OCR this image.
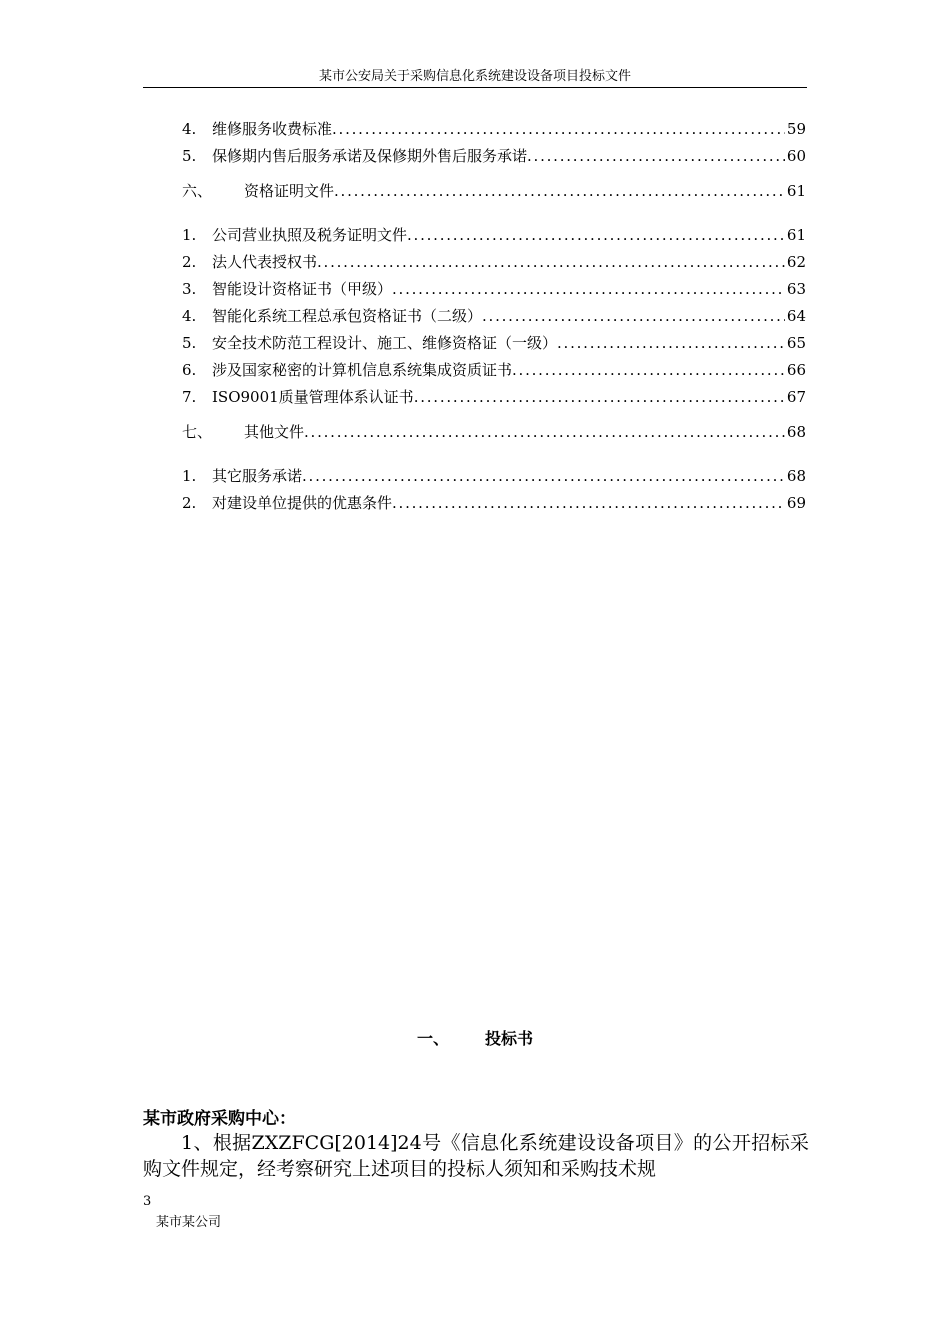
某市公安局关于采购信息化系统建设设备项目投标文件
4.	维修服务收费标准 . . .	59
5.	保修期内售后服务承诺及保修期外售后服务承诺 . . .	60
六、	资格证明文件 . . .	61
1.	公司营业执照及税务证明文件 . . .	61
2.	法人代表授权书 . . .	62
3.	智能设计资格证书（甲级） . . .	63
4.	智能化系统工程总承包资格证书（二级） . . .	64
5.	安全技术防范工程设计、施工、维修资格证（一级） . . .	65
6.	涉及国家秘密的计算机信息系统集成资质证书 . . .	66
7.	ISO9001质量管理体系认证书 . . .	67
七、	其他文件 . . .	68
1.	其它服务承诺 . . .	68
2.	对建设单位提供的优惠条件 . . .	69
一、 投标书
某市政府采购中心：
1、根据ZXZFCG[2014]24号《信息化系统建设设备项目》的公开招标采购文件规定，经考察研究上述项目的投标人须知和采购技术规
3
某市某公司
